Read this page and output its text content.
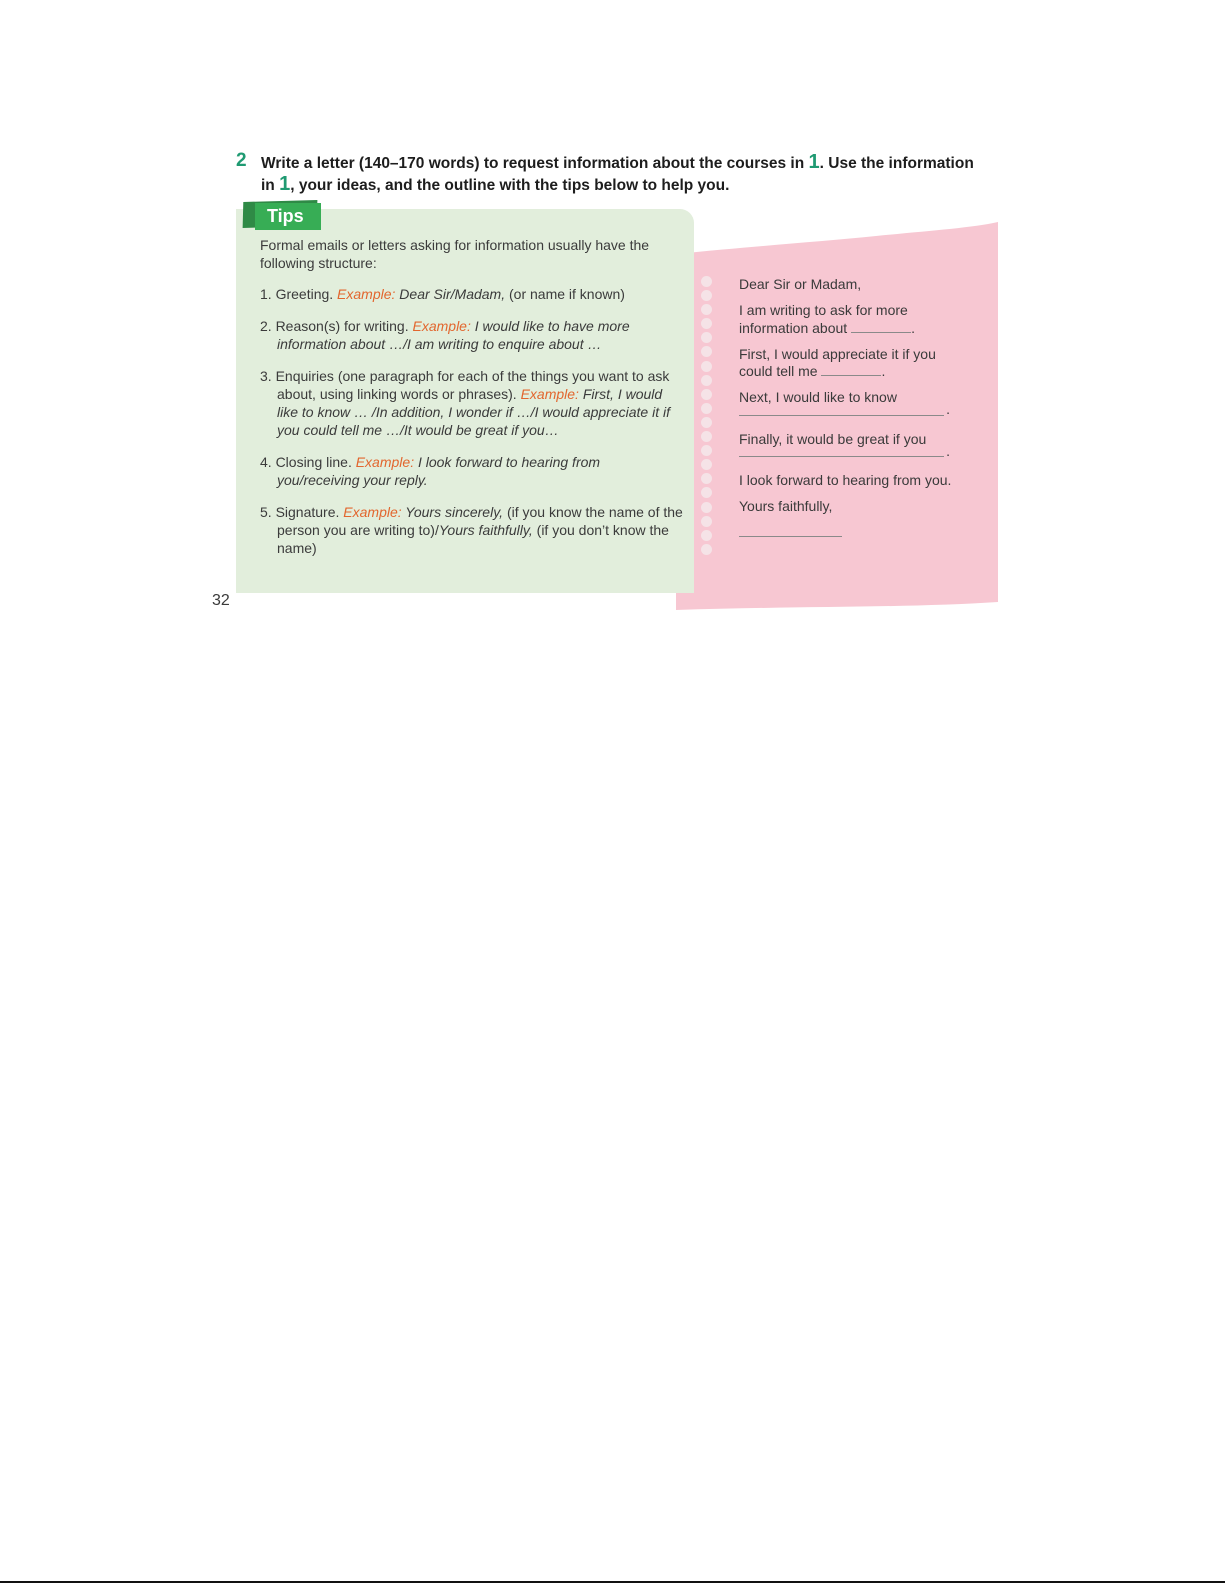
2 Write a letter (140–170 words) to request information about the courses in 1. Use the information in 1, your ideas, and the outline with the tips below to help you.
Tips

Formal emails or letters asking for information usually have the following structure:

1. Greeting. Example: Dear Sir/Madam, (or name if known)
2. Reason(s) for writing. Example: I would like to have more information about …/I am writing to enquire about …
3. Enquiries (one paragraph for each of the things you want to ask about, using linking words or phrases). Example: First, I would like to know … /In addition, I wonder if …/I would appreciate it if you could tell me …/It would be great if you…
4. Closing line. Example: I look forward to hearing from you/receiving your reply.
5. Signature. Example: Yours sincerely, (if you know the name of the person you are writing to)/Yours faithfully, (if you don’t know the name)
Dear Sir or Madam,
I am writing to ask for more information about	.
First, I would appreciate it if you could tell me	.
Next, I would like to know
.
Finally, it would be great if you
.
I look forward to hearing from you.
Yours faithfully,
32
